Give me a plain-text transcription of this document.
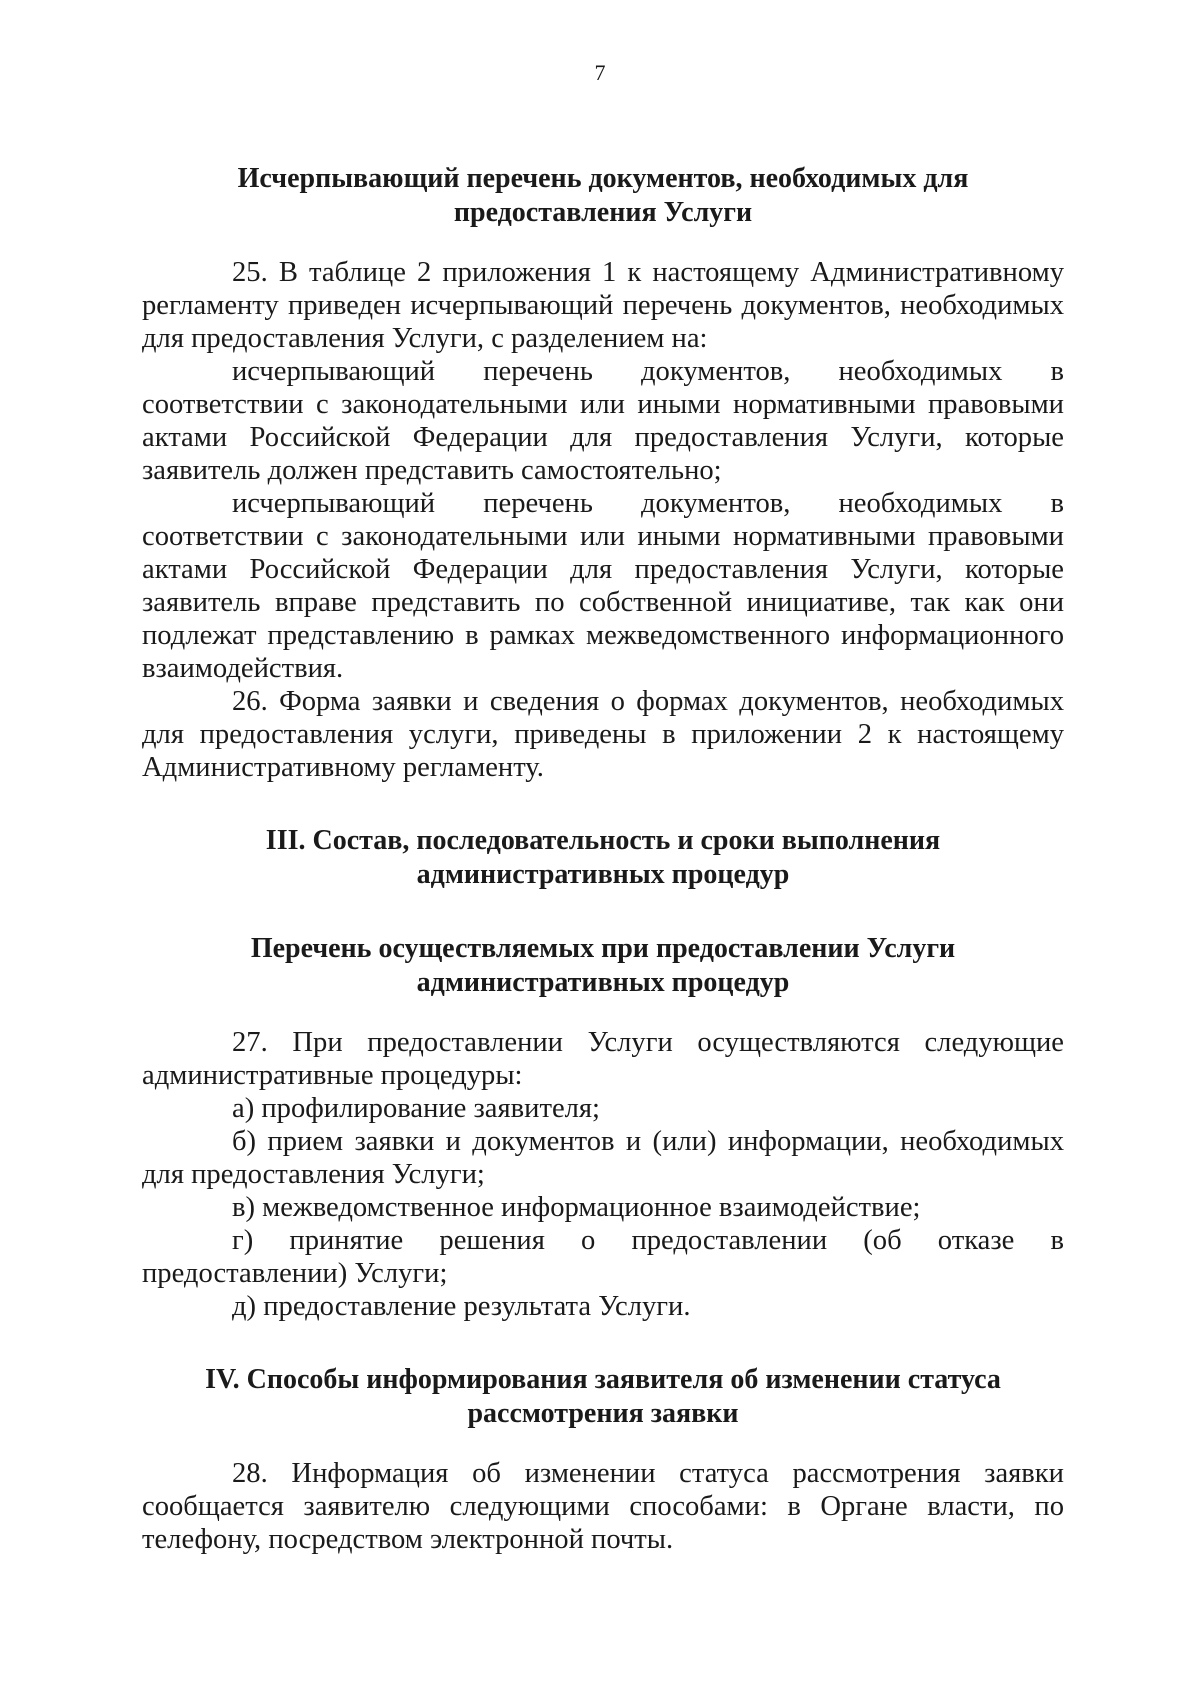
7
Исчерпывающий перечень документов, необходимых для
предоставления Услуги

25. В таблице 2 приложения 1 к настоящему Административному регламенту приведен исчерпывающий перечень документов, необходимых для предоставления Услуги, с разделением на:

исчерпывающий перечень документов, необходимых в соответствии с законодательными или иными нормативными правовыми актами Российской Федерации для предоставления Услуги, которые заявитель должен представить самостоятельно;

исчерпывающий перечень документов, необходимых в соответствии с законодательными или иными нормативными правовыми актами Российской Федерации для предоставления Услуги, которые заявитель вправе представить по собственной инициативе, так как они подлежат представлению в рамках межведомственного информационного взаимодействия.

26. Форма заявки и сведения о формах документов, необходимых для предоставления услуги, приведены в приложении 2 к настоящему Административному регламенту.

III. Состав, последовательность и сроки выполнения
административных процедур
Перечень осуществляемых при предоставлении Услуги
административных процедур

27. При предоставлении Услуги осуществляются следующие административные процедуры:

а) профилирование заявителя;

б) прием заявки и документов и (или) информации, необходимых для предоставления Услуги;

в) межведомственное информационное взаимодействие;

г) принятие решения о предоставлении (об отказе в предоставлении) Услуги;

д) предоставление результата Услуги.

IV. Способы информирования заявителя об изменении статуса
рассмотрения заявки

28. Информация об изменении статуса рассмотрения заявки сообщается заявителю следующими способами: в Органе власти, по телефону, посредством электронной почты.
